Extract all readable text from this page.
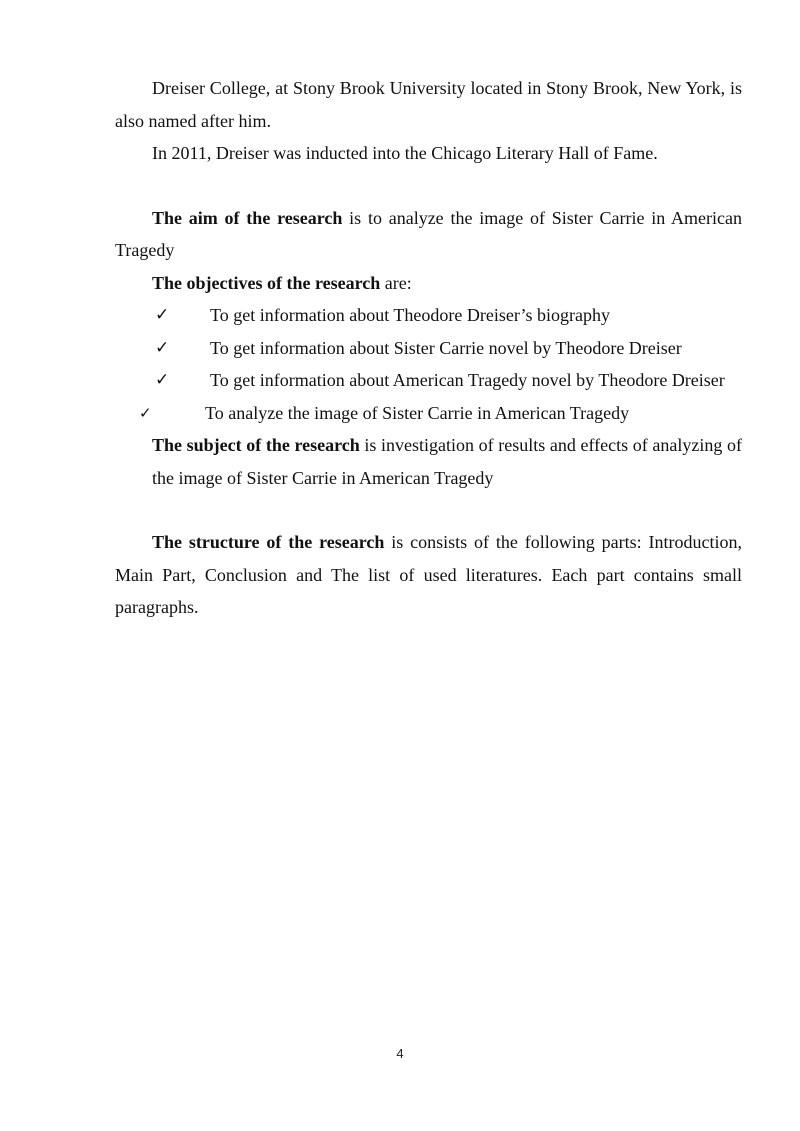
Dreiser College, at Stony Brook University located in Stony Brook, New York, is also named after him.

In 2011, Dreiser was inducted into the Chicago Literary Hall of Fame.

The aim of the research is to analyze the image of Sister Carrie in American Tragedy

The objectives of the research are:

✓ To get information about Theodore Dreiser’s biography

✓ To get information about Sister Carrie novel by Theodore Dreiser

✓ To get information about American Tragedy novel by Theodore Dreiser

✓	To analyze the image of Sister Carrie in American Tragedy

The subject of the research is investigation of results and effects of analyzing of the image of Sister Carrie in American Tragedy

The structure of the research is consists of the following parts: Introduction, Main Part, Conclusion and The list of used literatures. Each part contains small paragraphs.

4
